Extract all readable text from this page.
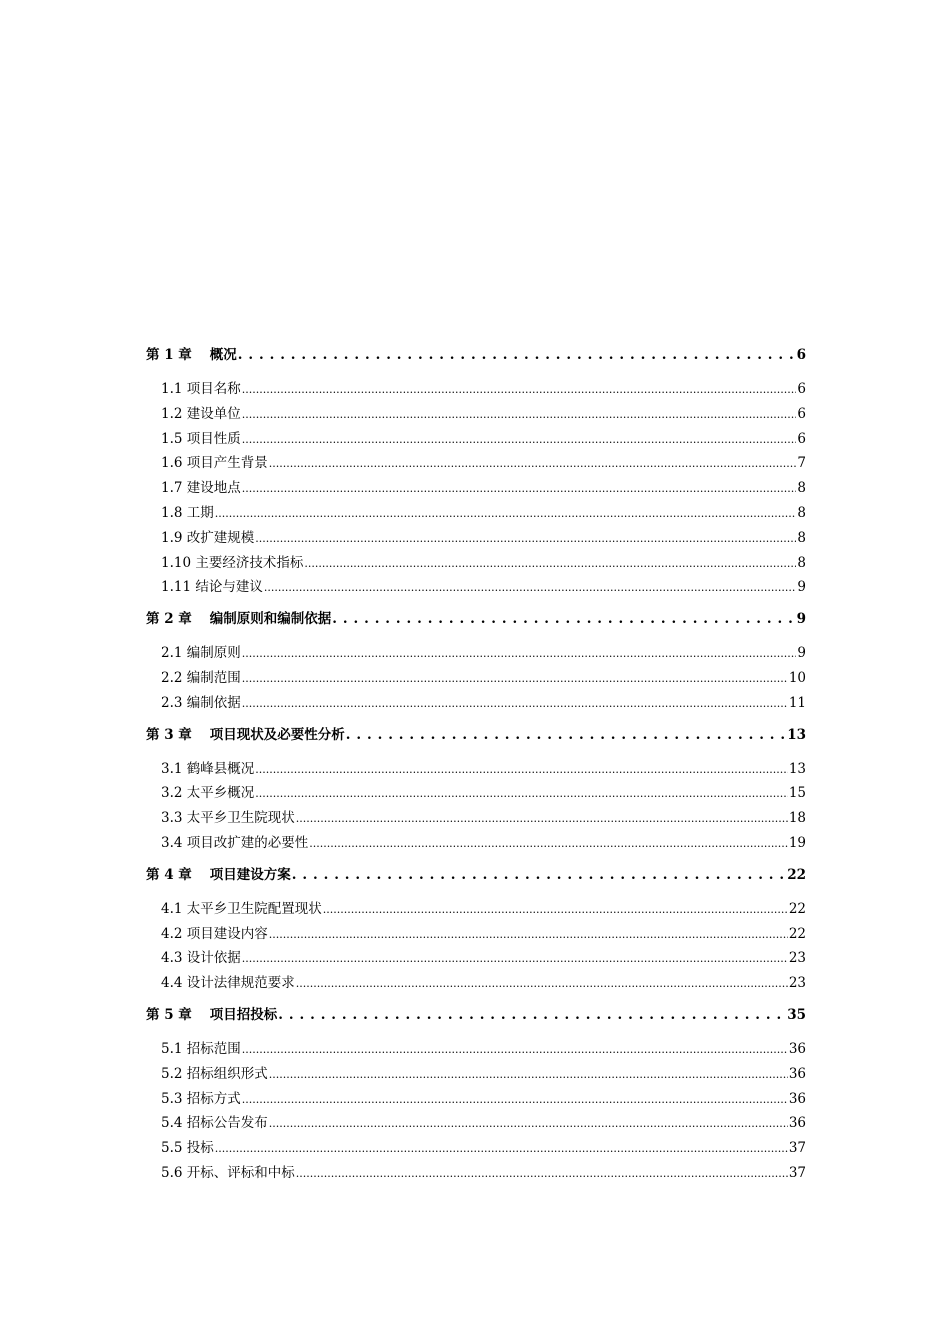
第 1 章 概况 . . .	6
1.1 项目名称 .....	6
1.2 建设单位 .....	6
1.5 项目性质 .....	6
1.6 项目产生背景 .....	7
1.7 建设地点 .....	8
1.8 工期 .....	8
1.9 改扩建规模 .....	8
1.10 主要经济技术指标 .....	8
1.11 结论与建议 .....	9
第 2 章 编制原则和编制依据 . . .	9
2.1 编制原则 .....	9
2.2 编制范围 .....	10
2.3 编制依据 .....	11
第 3 章 项目现状及必要性分析 . . .	13
3.1 鹤峰县概况 .....	13
3.2 太平乡概况 .....	15
3.3 太平乡卫生院现状 .....	18
3.4 项目改扩建的必要性 .....	19
第 4 章 项目建设方案 . . .	22
4.1 太平乡卫生院配置现状 .....	22
4.2 项目建设内容 .....	22
4.3 设计依据 .....	23
4.4 设计法律规范要求 .....	23
第 5 章 项目招投标 . . .	35
5.1 招标范围 .....	36
5.2 招标组织形式 .....	36
5.3 招标方式 .....	36
5.4 招标公告发布 .....	36
5.5 投标 .....	37
5.6 开标、评标和中标 .....	37
